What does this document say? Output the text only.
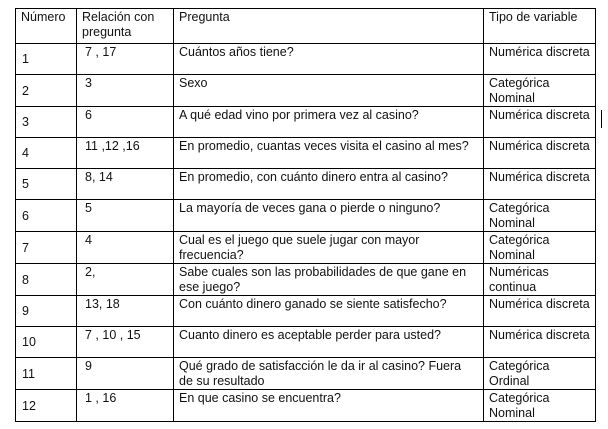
Número	Relación con pregunta	Pregunta	Tipo de variable
1	7 , 17	Cuántos años tiene?	Numérica discreta
2	3	Sexo	Categórica Nominal
3	6	A qué edad vino por primera vez al casino?	Numérica discreta
4	11 ,12 ,16	En promedio, cuantas veces visita el casino al mes?	Numérica discreta
5	8, 14	En promedio, con cuánto dinero entra al casino?	Numérica discreta
6	5	La mayoría de veces gana o pierde o ninguno?	Categórica Nominal
7	4	Cual es el juego que suele jugar con mayor frecuencia?	Categórica Nominal
8	2,	Sabe cuales son las probabilidades de que gane en ese juego?	Numéricas continua
9	13, 18	Con cuánto dinero ganado se siente satisfecho?	Numérica discreta
10	7 , 10 , 15	Cuanto dinero es aceptable perder para usted?	Numérica discreta
11	9	Qué grado de satisfacción le da ir al casino? Fuera de su resultado	Categórica Ordinal
12	1 , 16	En que casino se encuentra?	Categórica Nominal
